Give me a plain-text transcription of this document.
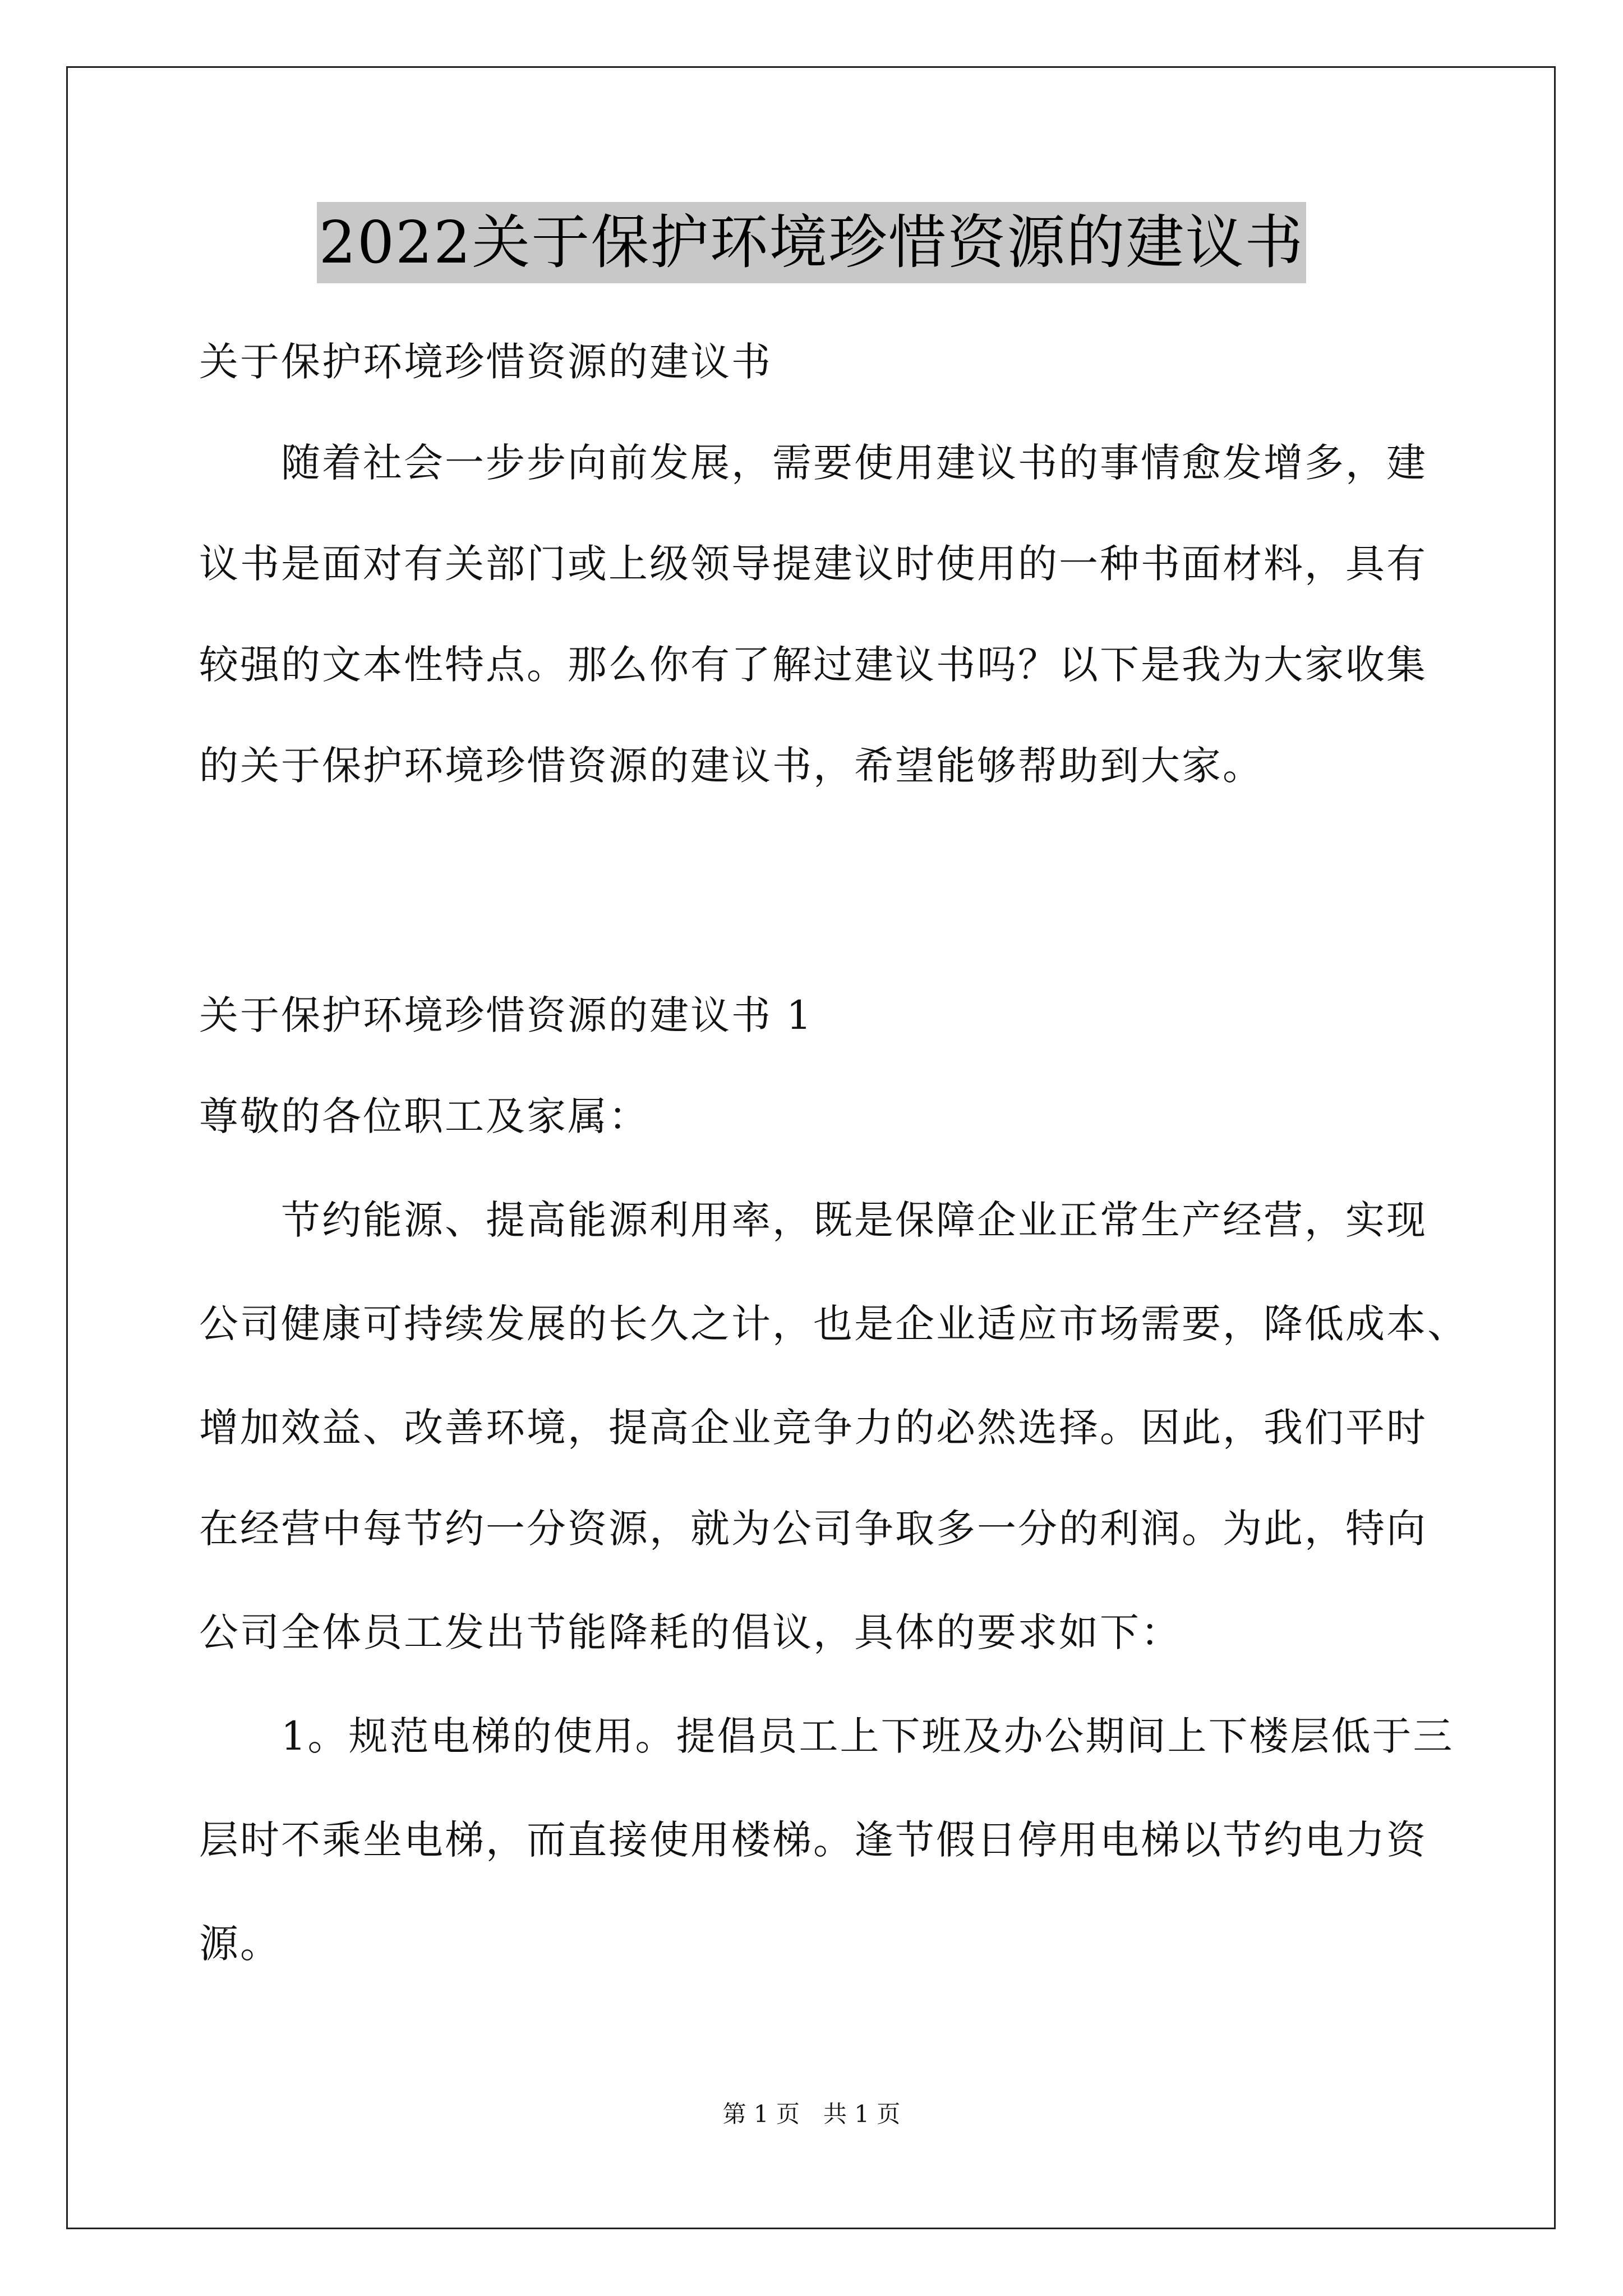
2022关于保护环境珍惜资源的建议书

关于保护环境珍惜资源的建议书

　　随着社会一步步向前发展，需要使用建议书的事情愈发增多，建

议书是面对有关部门或上级领导提建议时使用的一种书面材料，具有

较强的文本性特点。那么你有了解过建议书吗？以下是我为大家收集

的关于保护环境珍惜资源的建议书，希望能够帮助到大家。

关于保护环境珍惜资源的建议书 1

尊敬的各位职工及家属：

　　节约能源、提高能源利用率，既是保障企业正常生产经营，实现

公司健康可持续发展的长久之计，也是企业适应市场需要，降低成本、

增加效益、改善环境，提高企业竞争力的必然选择。因此，我们平时

在经营中每节约一分资源，就为公司争取多一分的利润。为此，特向

公司全体员工发出节能降耗的倡议，具体的要求如下：

　　1。规范电梯的使用。提倡员工上下班及办公期间上下楼层低于三

层时不乘坐电梯，而直接使用楼梯。逢节假日停用电梯以节约电力资

源。

第 1 页　共 1 页
